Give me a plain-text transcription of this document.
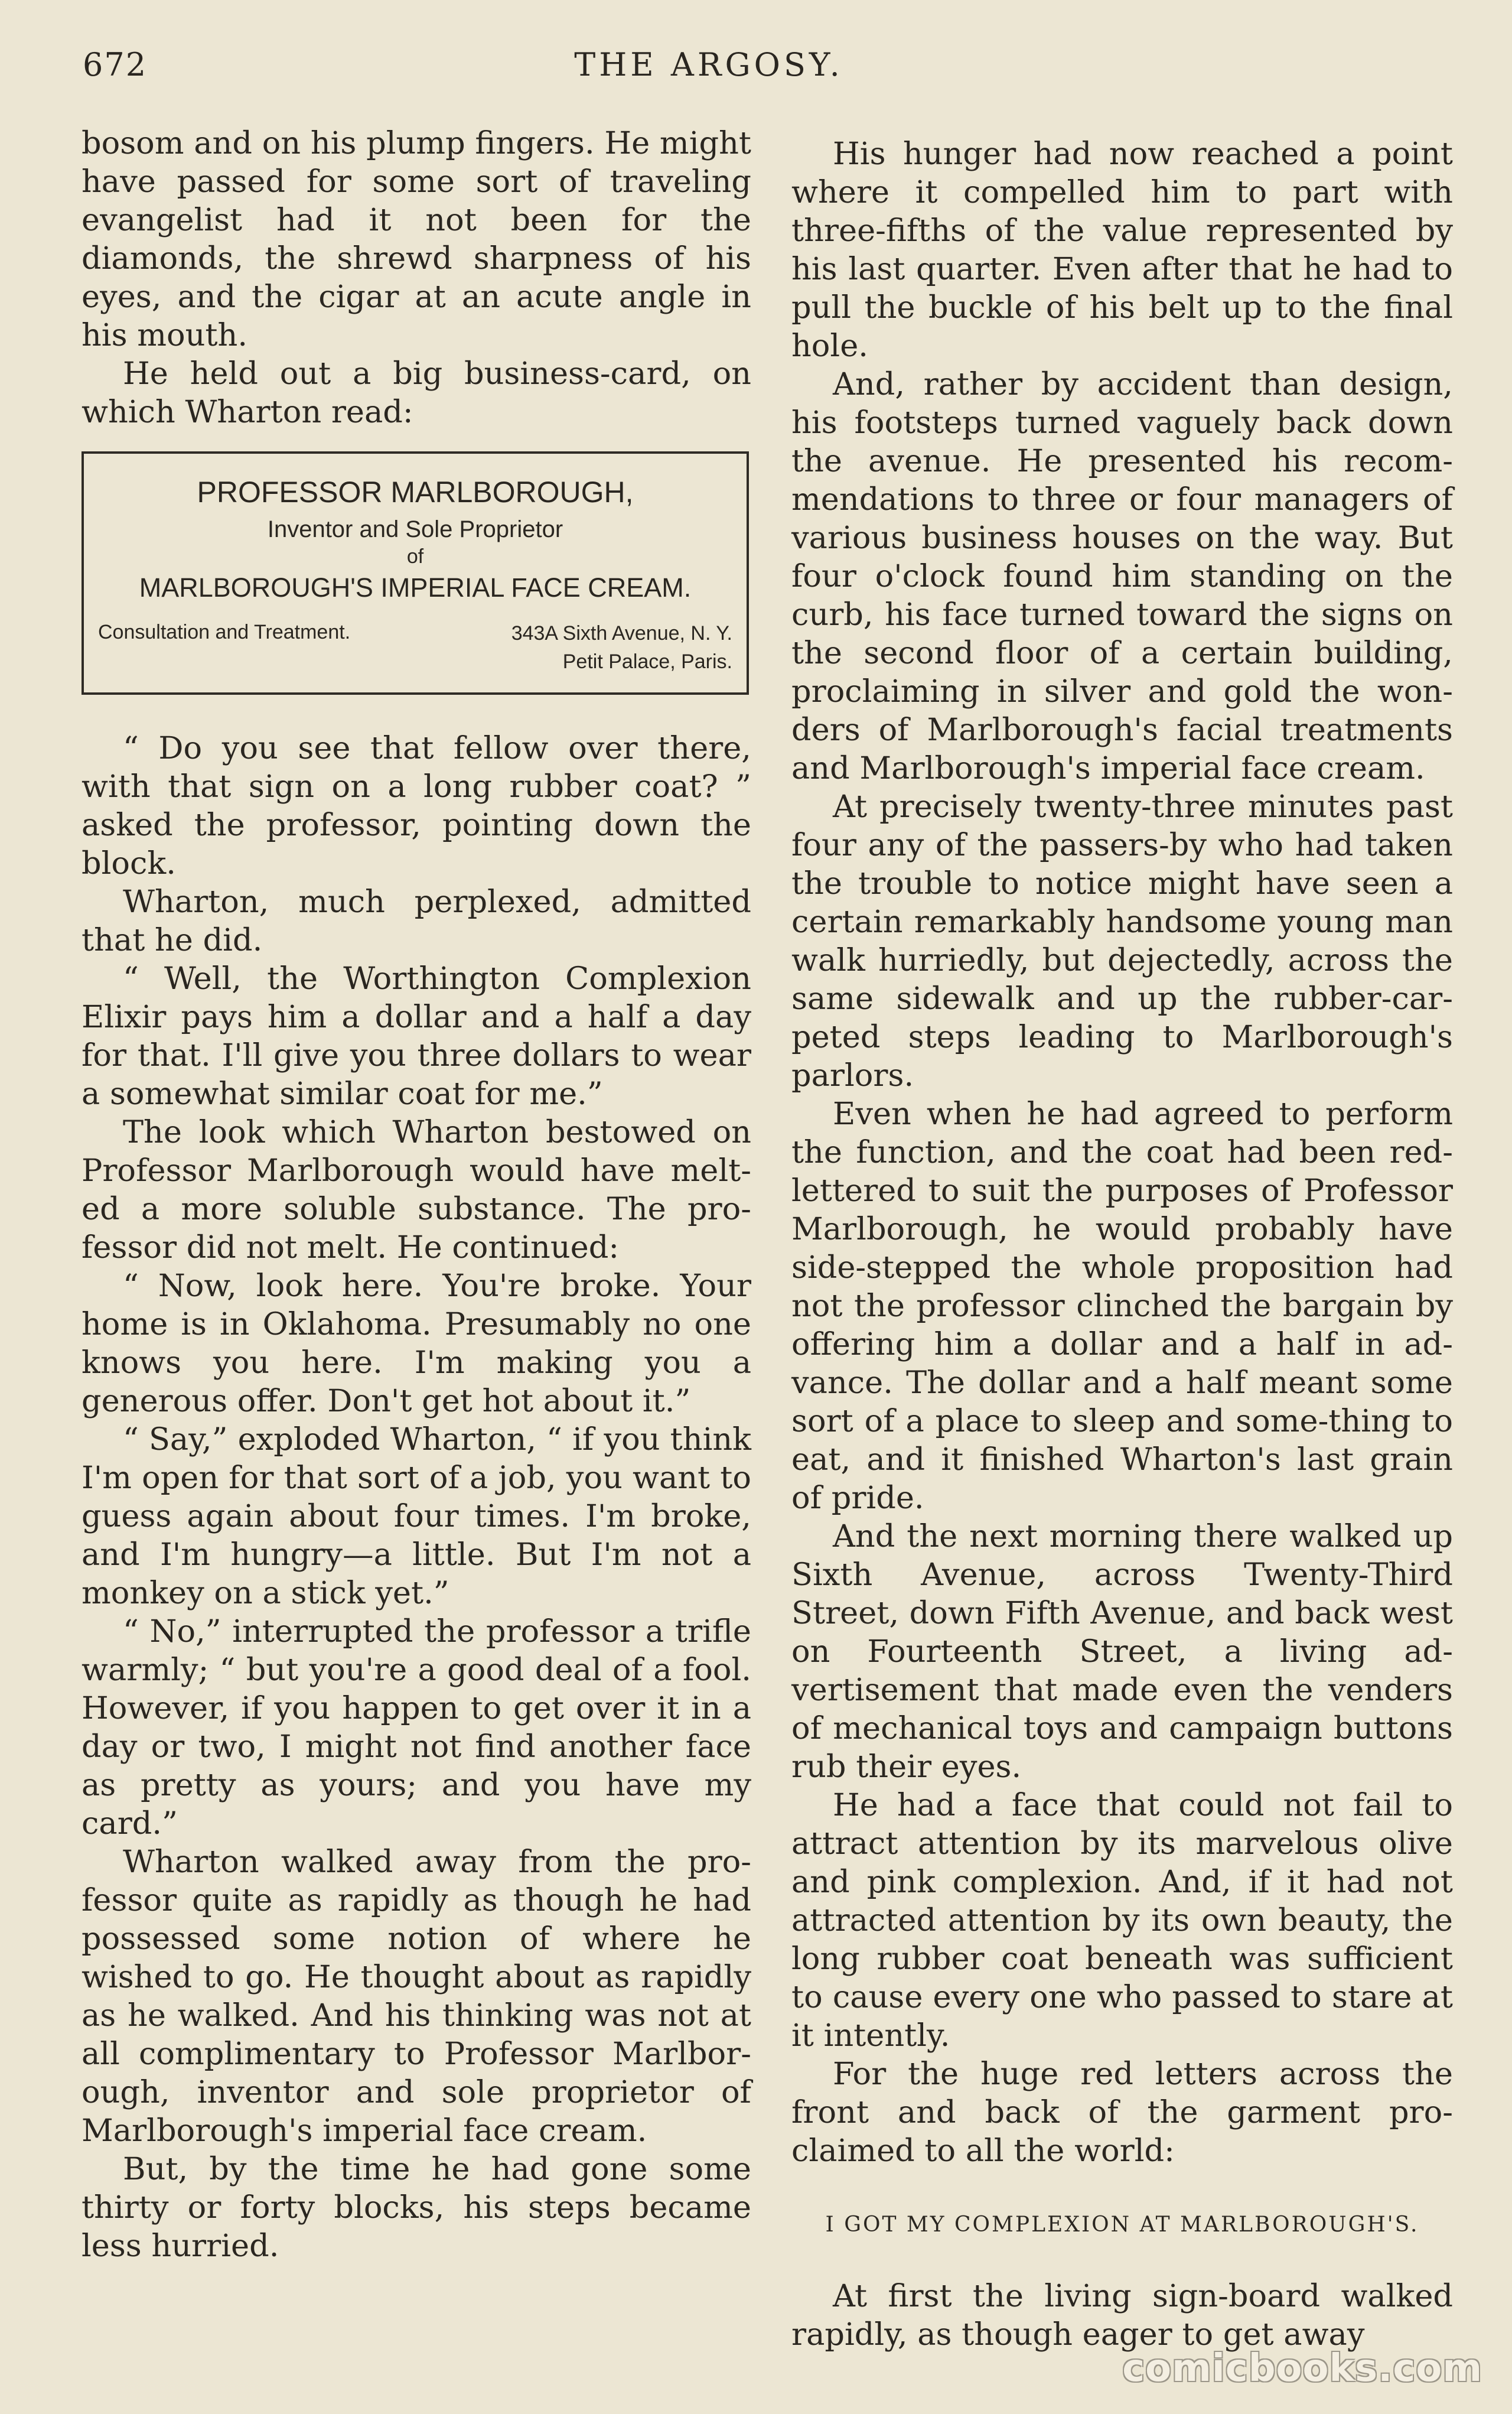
672	THE ARGOSY.

bosom and on his plump fingers. He might have passed for some sort of traveling evangelist had it not been for the diamonds, the shrewd sharpness of his eyes, and the cigar at an acute angle in his mouth.

He held out a big business-card, on which Wharton read:

PROFESSOR MARLBOROUGH,
Inventor and Sole Proprietor
of
MARLBOROUGH'S IMPERIAL FACE CREAM.
Consultation and Treatment.	343A Sixth Avenue, N. Y.
Petit Palace, Paris.

“ Do you see that fellow over there, with that sign on a long rubber coat? ” asked the professor, pointing down the block.

Wharton, much perplexed, admitted that he did.

“ Well, the Worthington Complexion Elixir pays him a dollar and a half a day for that. I'll give you three dollars to wear a somewhat similar coat for me.”

The look which Wharton bestowed on Professor Marlborough would have melt-ed a more soluble substance. The pro-fessor did not melt. He continued:

“ Now, look here. You're broke. Your home is in Oklahoma. Presumably no one knows you here. I'm making you a generous offer. Don't get hot about it.”

“ Say,” exploded Wharton, “ if you think I'm open for that sort of a job, you want to guess again about four times. I'm broke, and I'm hungry—a little. But I'm not a monkey on a stick yet.”

“ No,” interrupted the professor a trifle warmly; “ but you're a good deal of a fool. However, if you happen to get over it in a day or two, I might not find another face as pretty as yours; and you have my card.”

Wharton walked away from the pro-fessor quite as rapidly as though he had possessed some notion of where he wished to go. He thought about as rapidly as he walked. And his thinking was not at all complimentary to Professor Marlbor-ough, inventor and sole proprietor of Marlborough's imperial face cream.

But, by the time he had gone some thirty or forty blocks, his steps became less hurried.

His hunger had now reached a point where it compelled him to part with three-fifths of the value represented by his last quarter. Even after that he had to pull the buckle of his belt up to the final hole.

And, rather by accident than design, his footsteps turned vaguely back down the avenue. He presented his recom-mendations to three or four managers of various business houses on the way. But four o'clock found him standing on the curb, his face turned toward the signs on the second floor of a certain building, proclaiming in silver and gold the won-ders of Marlborough's facial treatments and Marlborough's imperial face cream.

At precisely twenty-three minutes past four any of the passers-by who had taken the trouble to notice might have seen a certain remarkably handsome young man walk hurriedly, but dejectedly, across the same sidewalk and up the rubber-car-peted steps leading to Marlborough's parlors.

Even when he had agreed to perform the function, and the coat had been red-lettered to suit the purposes of Professor Marlborough, he would probably have side-stepped the whole proposition had not the professor clinched the bargain by offering him a dollar and a half in ad-vance. The dollar and a half meant some sort of a place to sleep and some-thing to eat, and it finished Wharton's last grain of pride.

And the next morning there walked up Sixth Avenue, across Twenty-Third Street, down Fifth Avenue, and back west on Fourteenth Street, a living ad-vertisement that made even the venders of mechanical toys and campaign buttons rub their eyes.

He had a face that could not fail to attract attention by its marvelous olive and pink complexion. And, if it had not attracted attention by its own beauty, the long rubber coat beneath was sufficient to cause every one who passed to stare at it intently.

For the huge red letters across the front and back of the garment pro-claimed to all the world:

I GOT MY COMPLEXION AT MARLBOROUGH'S.

At first the living sign-board walked rapidly, as though eager to get away

comicbooks.com
